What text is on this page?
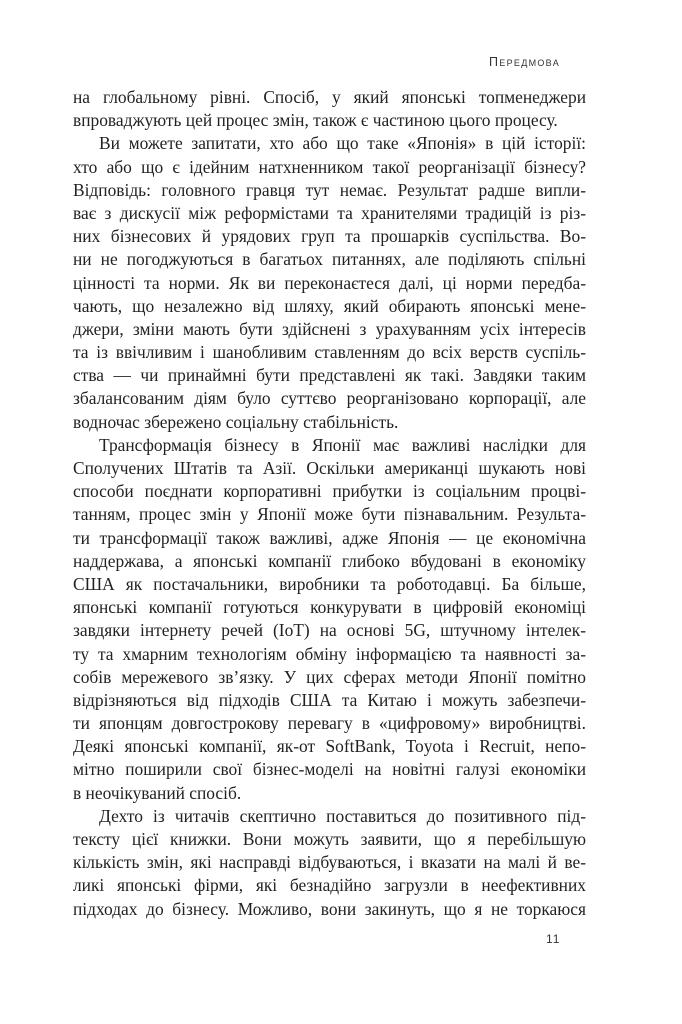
Передмова
на глобальному рівні. Спосіб, у який японські топменеджери
впроваджують цей процес змін, також є частиною цього процесу.
Ви можете запитати, хто або що таке «Японія» в цій історії:
хто або що є ідейним натхненником такої реорганізації бізнесу?
Відповідь: головного гравця тут немає. Результат радше випли-
ває з дискусії між реформістами та хранителями традицій із різ-
них бізнесових й урядових груп та прошарків суспільства. Во-
ни не погоджуються в багатьох питаннях, але поділяють спільні
цінності та норми. Як ви переконаєтеся далі, ці норми передба-
чають, що незалежно від шляху, який обирають японські мене-
джери, зміни мають бути здійснені з урахуванням усіх інтересів
та із ввічливим і шанобливим ставленням до всіх верств суспіль-
ства — чи принаймні бути представлені як такі. Завдяки таким
збалансованим діям було суттєво реорганізовано корпорації, але
водночас збережено соціальну стабільність.
Трансформація бізнесу в Японії має важливі наслідки для
Сполучених Штатів та Азії. Оскільки американці шукають нові
способи поєднати корпоративні прибутки із соціальним процві-
танням, процес змін у Японії може бути пізнавальним. Результа-
ти трансформації також важливі, адже Японія — це економічна
наддержава, а японські компанії глибоко вбудовані в економіку
США як постачальники, виробники та роботодавці. Ба більше,
японські компанії готуються конкурувати в цифровій економіці
завдяки інтернету речей (IoT) на основі 5G, штучному інтелек-
ту та хмарним технологіям обміну інформацією та наявності за-
собів мережевого зв’язку. У цих сферах методи Японії помітно
відрізняються від підходів США та Китаю і можуть забезпечи-
ти японцям довгострокову перевагу в «цифровому» виробництві.
Деякі японські компанії, як-от SoftBank, Toyota і Recruit, непо-
мітно поширили свої бізнес-моделі на новітні галузі економіки
в неочікуваний спосіб.
Дехто із читачів скептично поставиться до позитивного під-
тексту цієї книжки. Вони можуть заявити, що я перебільшую
кількість змін, які насправді відбуваються, і вказати на малі й ве-
ликі японські фірми, які безнадійно загрузли в неефективних
підходах до бізнесу. Можливо, вони закинуть, що я не торкаюся
11
